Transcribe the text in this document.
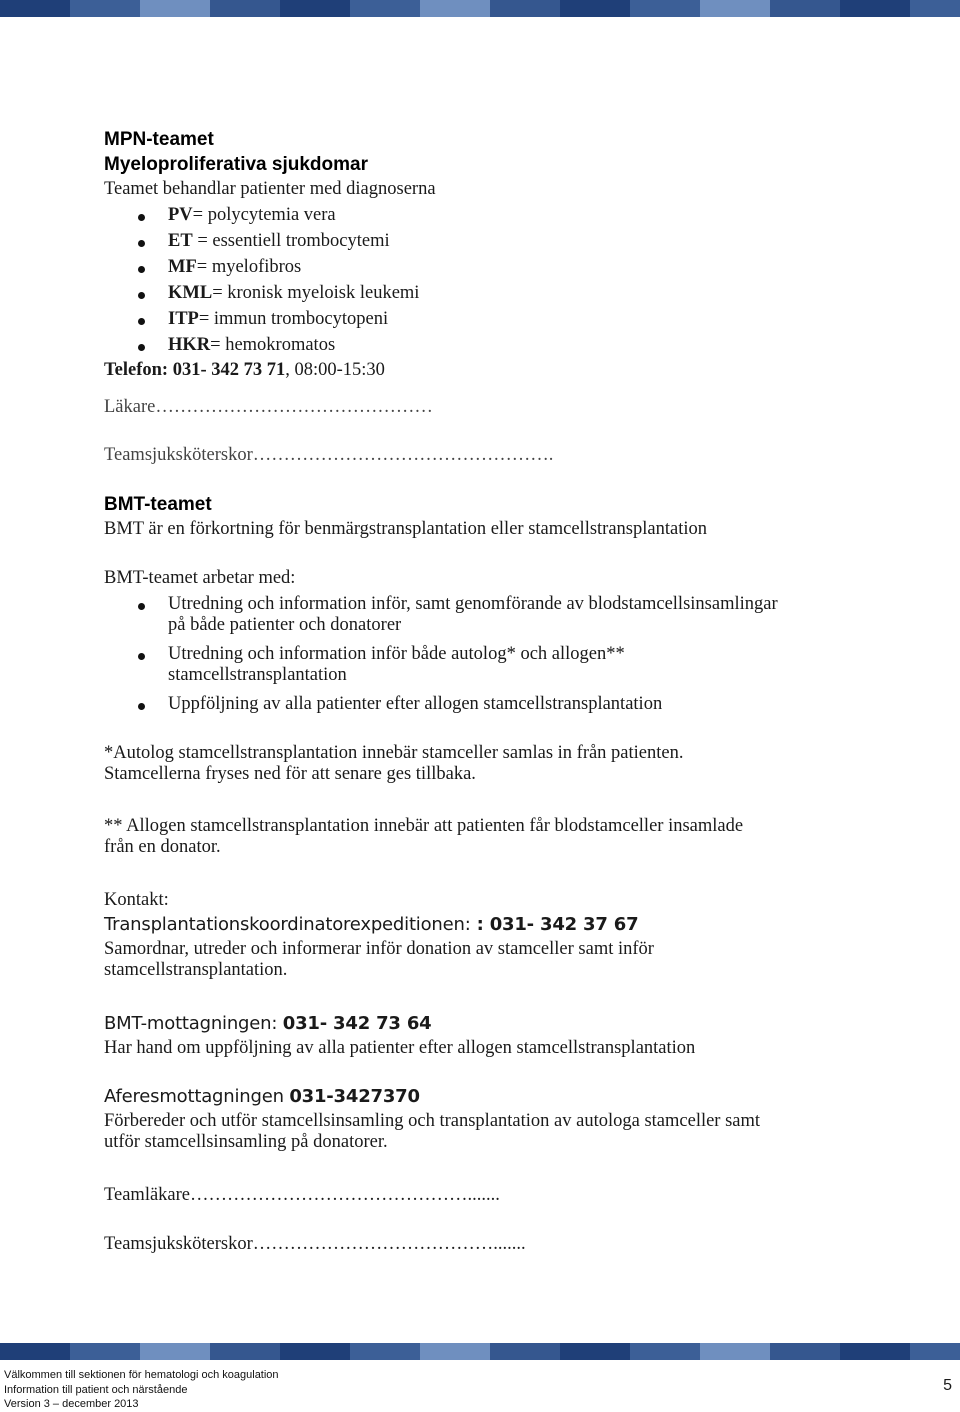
MPN-teamet
Myeloproliferativa sjukdomar
Teamet behandlar patienter med diagnoserna
PV= polycytemia vera
ET = essentiell trombocytemi
MF= myelofibros
KML= kronisk myeloisk leukemi
ITP= immun trombocytopeni
HKR= hemokromatos
Telefon: 031- 342 73 71, 08:00-15:30
Läkare………………………………………
Teamsjuksköterskor………………………………………….
BMT-teamet
BMT är en förkortning för benmärgstransplantation eller stamcellstransplantation
BMT-teamet arbetar med:
Utredning och information inför, samt genomförande av blodstamcellsinsamlingar
på både patienter och donatorer
Utredning och information inför både autolog* och allogen**
stamcellstransplantation
Uppföljning av alla patienter efter allogen stamcellstransplantation
*Autolog stamcellstransplantation innebär stamceller samlas in från patienten.
Stamcellerna fryses ned för att senare ges tillbaka.
** Allogen stamcellstransplantation innebär att patienten får blodstamceller insamlade
från en donator.
Kontakt:
Transplantationskoordinatorexpeditionen: : 031- 342 37 67
Samordnar, utreder och informerar inför donation av stamceller samt inför
stamcellstransplantation.
BMT-mottagningen: 031- 342 73 64
Har hand om uppföljning av alla patienter efter allogen stamcellstransplantation
Aferesmottagningen 031-3427370
Förbereder och utför stamcellsinsamling och transplantation av autologa stamceller samt
utför stamcellsinsamling på donatorer.
Teamläkare……………………………………….......
Teamsjuksköterskor………………………………….......
Välkommen till sektionen för hematologi och koagulation
Information till patient och närstående
Version 3 – december 2013
5
